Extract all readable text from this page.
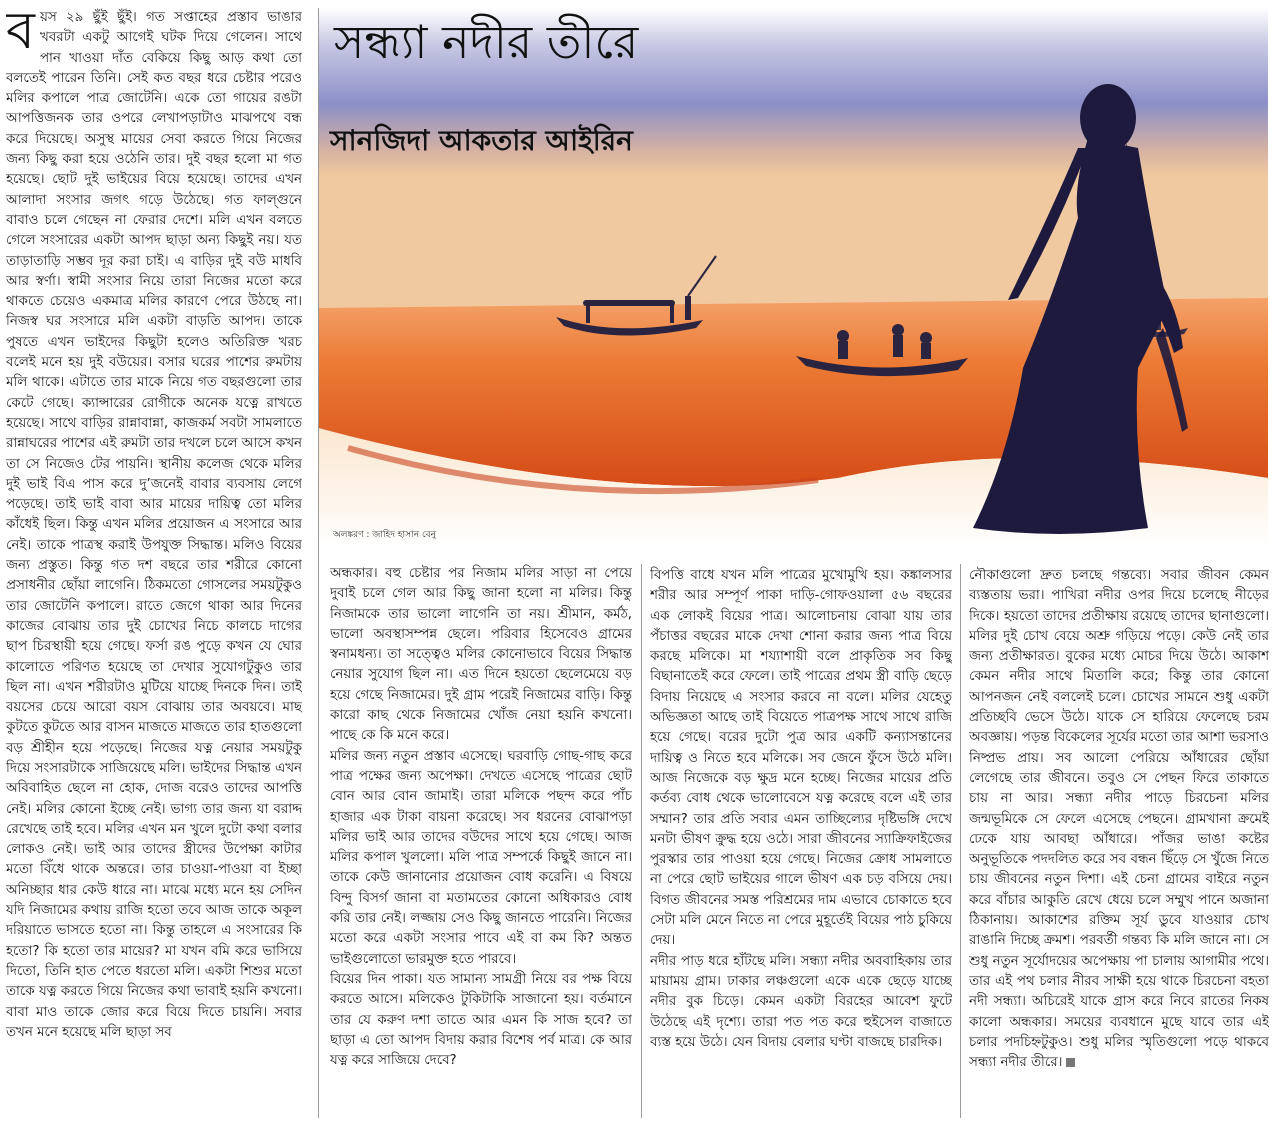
সন্ধ্যা নদীর তীরে
সানজিদা আকতার আইরিন
অলঙ্করণ : জাহিদ হাসান বেনু
ব য়স ২৯ ছুঁই ছুঁই। গত সপ্তাহের প্রস্তাব ভাঙার খবরটা একটু আগেই ঘটক দিয়ে গেলেন। সাথে পান খাওয়া দাঁত বেকিয়ে কিছু আড় কথা তো বলতেই পারেন তিনি। সেই কত বছর ধরে চেষ্টার পরেও মলির কপালে পাত্র জোটেনি। একে তো গায়ের রঙটা আপত্তিজনক তার ওপরে লেখাপড়াটাও মাঝপথে বন্ধ করে দিয়েছে। অসুস্থ মায়ের সেবা করতে গিয়ে নিজের জন্য কিছু করা হয়ে ওঠেনি তার। দুই বছর হলো মা গত হয়েছে। ছোট দুই ভাইয়ের বিয়ে হয়েছে। তাদের এখন আলাদা সংসার জগৎ গড়ে উঠেছে। গত ফাল্গুনে বাবাও চলে গেছেন না ফেরার দেশে। মলি এখন বলতে গেলে সংসারের একটা আপদ ছাড়া অন্য কিছুই নয়। যত তাড়াতাড়ি সম্ভব দূর করা চাই। এ বাড়ির দুই বউ মাধবি আর স্বর্ণা। স্বামী সংসার নিয়ে তারা নিজের মতো করে থাকতে চেয়েও একমাত্র মলির কারণে পেরে উঠছে না। নিজস্ব ঘর সংসারে মলি একটা বাড়তি আপদ। তাকে পুষতে এখন ভাইদের কিছুটা হলেও অতিরিক্ত খরচ বলেই মনে হয় দুই বউয়ের। বসার ঘরের পাশের রুমটায় মলি থাকে। এটাতে তার মাকে নিয়ে গত বছরগুলো তার কেটে গেছে। ক্যান্সারের রোগীকে অনেক যত্নে রাখতে হয়েছে। সাথে বাড়ির রান্নাবান্না, কাজকর্ম সবটা সামলাতে রান্নাঘরের পাশের এই রুমটা তার দখলে চলে আসে কখন তা সে নিজেও টের পায়নি। স্থানীয় কলেজ থেকে মলির দুই ভাই বিএ পাস করে দু’জনেই বাবার ব্যবসায় লেগে পড়েছে। তাই ভাই বাবা আর মায়ের দায়িত্ব তো মলির কাঁধেই ছিল। কিন্তু এখন মলির প্রয়োজন এ সংসারে আর নেই। তাকে পাত্রস্থ করাই উপযুক্ত সিদ্ধান্ত। মলিও বিয়ের জন্য প্রস্তুত। কিন্তু গত দশ বছরে তার শরীরে কোনো প্রসাধনীর ছোঁয়া লাগেনি। ঠিকমতো গোসলের সময়টুকুও তার জোটেনি কপালে। রাতে জেগে থাকা আর দিনের কাজের বোঝায় তার দুই চোখের নিচে কালচে দাগের ছাপ চিরস্থায়ী হয়ে গেছে। ফর্সা রঙ পুড়ে কখন যে ঘোর কালোতে পরিণত হয়েছে তা দেখার সুযোগটুকুও তার ছিল না। এখন শরীরটাও মুটিয়ে যাচ্ছে দিনকে দিন। তাই বয়সের চেয়ে আরো বয়স বোঝায় তার অবয়বে। মাছ কুটতে কুটতে আর বাসন মাজতে মাজতে তার হাতগুলো বড় শ্রীহীন হয়ে পড়েছে। নিজের যত্ন নেয়ার সময়টুকু দিয়ে সংসারটাকে সাজিয়েছে মলি। ভাইদের সিদ্ধান্ত এখন অবিবাহিত ছেলে না হোক, দোজ বরেও তাদের আপত্তি নেই। মলির কোনো ইচ্ছে নেই। ভাগ্য তার জন্য যা বরাদ্দ রেখেছে তাই হবে। মলির এখন মন খুলে দুটো কথা বলার লোকও নেই। ভাই আর তাদের স্ত্রীদের উপেক্ষা কাটার মতো বিঁধে থাকে অন্তরে। তার চাওয়া-পাওয়া বা ইচ্ছা অনিচ্ছার ধার কেউ ধারে না। মাঝে মধ্যে মনে হয় সেদিন যদি নিজামের কথায় রাজি হতো তবে আজ তাকে অকূল দরিয়াতে ভাসতে হতো না। কিন্তু তাহলে এ সংসারের কি হতো? কি হতো তার মায়ের? মা যখন বমি করে ভাসিয়ে দিতো, তিনি হাত পেতে ধরতো মলি। একটা শিশুর মতো তাকে যত্ন করতে গিয়ে নিজের কথা ভাবাই হয়নি কখনো। বাবা মাও তাকে জোর করে বিয়ে দিতে চায়নি। সবার তখন মনে হয়েছে মলি ছাড়া সব

অন্ধকার। বহু চেষ্টার পর নিজাম মলির সাড়া না পেয়ে দুবাই চলে গেল আর কিছু জানা হলো না মলির। কিন্তু নিজামকে তার ভালো লাগেনি তা নয়। শ্রীমান, কর্মঠ, ভালো অবস্থাসম্পন্ন ছেলে। পরিবার হিসেবেও গ্রামের স্বনামধন্য। তা সত্ত্বেও মলির কোনোভাবে বিয়ের সিদ্ধান্ত নেয়ার সুযোগ ছিল না। এত দিনে হয়তো ছেলেমেয়ে বড় হয়ে গেছে নিজামের। দুই গ্রাম পরেই নিজামের বাড়ি। কিন্তু কারো কাছ থেকে নিজামের খোঁজ নেয়া হয়নি কখনো। পাছে কে কি মনে করে।

মলির জন্য নতুন প্রস্তাব এসেছে। ঘরবাড়ি গোছ-গাছ করে পাত্র পক্ষের জন্য অপেক্ষা। দেখতে এসেছে পাত্রের ছোট বোন আর বোন জামাই। তারা মলিকে পছন্দ করে পাঁচ হাজার এক টাকা বায়না করেছে। সব ধরনের বোঝাপড়া মলির ভাই আর তাদের বউদের সাথে হয়ে গেছে। আজ মলির কপাল খুললো। মলি পাত্র সম্পর্কে কিছুই জানে না। তাকে কেউ জানানোর প্রয়োজন বোধ করেনি। এ বিষয়ে বিন্দু বিসর্গ জানা বা মতামতের কোনো অধিকারও বোধ করি তার নেই। লজ্জায় সেও কিছু জানতে পারেনি। নিজের মতো করে একটা সংসার পাবে এই বা কম কি? অন্তত ভাইগুলোতো ভারমুক্ত হতে পারবে।

বিয়ের দিন পাকা। যত সামান্য সামগ্রী নিয়ে বর পক্ষ বিয়ে করতে আসে। মলিকেও টুকিটাকি সাজানো হয়। বর্তমানে তার যে করুণ দশা তাতে আর এমন কি সাজ হবে? তা ছাড়া এ তো আপদ বিদায় করার বিশেষ পর্ব মাত্র। কে আর যত্ন করে সাজিয়ে দেবে?

বিপত্তি বাধে যখন মলি পাত্রের মুখোমুখি হয়। কঙ্কালসার শরীর আর সম্পূর্ণ পাকা দাড়ি-গোফওয়ালা ৫৬ বছরের এক লোকই বিয়ের পাত্র। আলোচনায় বোঝা যায় তার পঁচাত্তর বছরের মাকে দেখা শোনা করার জন্য পাত্র বিয়ে করছে মলিকে। মা শয্যাশায়ী বলে প্রাকৃতিক সব কিছু বিছানাতেই করে ফেলে। তাই পাত্রের প্রথম স্ত্রী বাড়ি ছেড়ে বিদায় নিয়েছে এ সংসার করবে না বলে। মলির যেহেতু অভিজ্ঞতা আছে তাই বিয়েতে পাত্রপক্ষ সাথে সাথে রাজি হয়ে গেছে। বরের দুটো পুত্র আর একটি কন্যাসন্তানের দায়িত্ব ও নিতে হবে মলিকে। সব জেনে ফুঁসে উঠে মলি। আজ নিজেকে বড় ক্ষুদ্র মনে হচ্ছে। নিজের মায়ের প্রতি কর্তব্য বোধ থেকে ভালোবেসে যত্ন করেছে বলে এই তার সম্মান? তার প্রতি সবার এমন তাচ্ছিল্যের দৃষ্টিভঙ্গি দেখে মনটা ভীষণ ক্রুদ্ধ হয়ে ওঠে। সারা জীবনের স্যাক্রিফাইজের পুরস্কার তার পাওয়া হয়ে গেছে। নিজের ক্রোধ সামলাতে না পেরে ছোট ভাইয়ের গালে ভীষণ এক চড় বসিয়ে দেয়। বিগত জীবনের সমস্ত পরিশ্রমের দাম এভাবে চোকাতে হবে সেটা মলি মেনে নিতে না পেরে মুহূর্তেই বিয়ের পাঠ চুকিয়ে দেয়।

নদীর পাড় ধরে হাঁটছে মলি। সন্ধ্যা নদীর অববাহিকায় তার মায়াময় গ্রাম। ঢাকার লঞ্চগুলো একে একে ছেড়ে যাচ্ছে নদীর বুক চিড়ে। কেমন একটা বিরহের আবেশ ফুটে উঠেছে এই দৃশ্যে। তারা পত পত করে হুইসেল বাজাতে ব্যস্ত হয়ে উঠে। যেন বিদায় বেলার ঘণ্টা বাজছে চারদিক।

নৌকাগুলো দ্রুত চলছে গন্তব্যে। সবার জীবন কেমন ব্যস্ততায় ভরা। পাখিরা নদীর ওপর দিয়ে চলেছে নীড়ের দিকে। হয়তো তাদের প্রতীক্ষায় রয়েছে তাদের ছানাগুলো। মলির দুই চোখ বেয়ে অশ্রু গড়িয়ে পড়ে। কেউ নেই তার জন্য প্রতীক্ষারত। বুকের মধ্যে মোচর দিয়ে উঠে। আকাশ কেমন নদীর সাথে মিতালি করে; কিন্তু তার কোনো আপনজন নেই বললেই চলে। চোখের সামনে শুধু একটা প্রতিচ্ছবি ভেসে উঠে। যাকে সে হারিয়ে ফেলেছে চরম অবজ্ঞায়। পড়ন্ত বিকেলের সূর্যের মতো তার আশা ভরসাও নিষ্প্রভ প্রায়। সব আলো পেরিয়ে আঁধারের ছোঁয়া লেগেছে তার জীবনে। তবুও সে পেছন ফিরে তাকাতে চায় না আর। সন্ধ্যা নদীর পাড়ে চিরচেনা মলির জন্মভূমিকে সে ফেলে এসেছে পেছনে। গ্রামখানা ক্রমেই ঢেকে যায় আবছা আঁধারে। পাঁজর ভাঙা কষ্টের অনুভূতিকে পদদলিত করে সব বন্ধন ছিঁড়ে সে খুঁজে নিতে চায় জীবনের নতুন দিশা। এই চেনা গ্রামের বাইরে নতুন করে বাঁচার আকুতি রেখে ধেয়ে চলে সম্মুখ পানে অজানা ঠিকানায়। আকাশের রক্তিম সূর্য ডুবে যাওয়ার চোখ রাঙানি দিচ্ছে ক্রমশ। পরবর্তী গন্তব্য কি মলি জানে না। সে শুধু নতুন সূর্যোদয়ের অপেক্ষায় পা চালায় আগামীর পথে। তার এই পথ চলার নীরব সাক্ষী হয়ে থাকে চিরচেনা বহতা নদী সন্ধ্যা। অচিরেই যাকে গ্রাস করে নিবে রাতের নিকষ কালো অন্ধকার। সময়ের ব্যবধানে মুছে যাবে তার এই চলার পদচিহ্নটুকুও। শুধু মলির স্মৃতিগুলো পড়ে থাকবে সন্ধ্যা নদীর তীরে।
